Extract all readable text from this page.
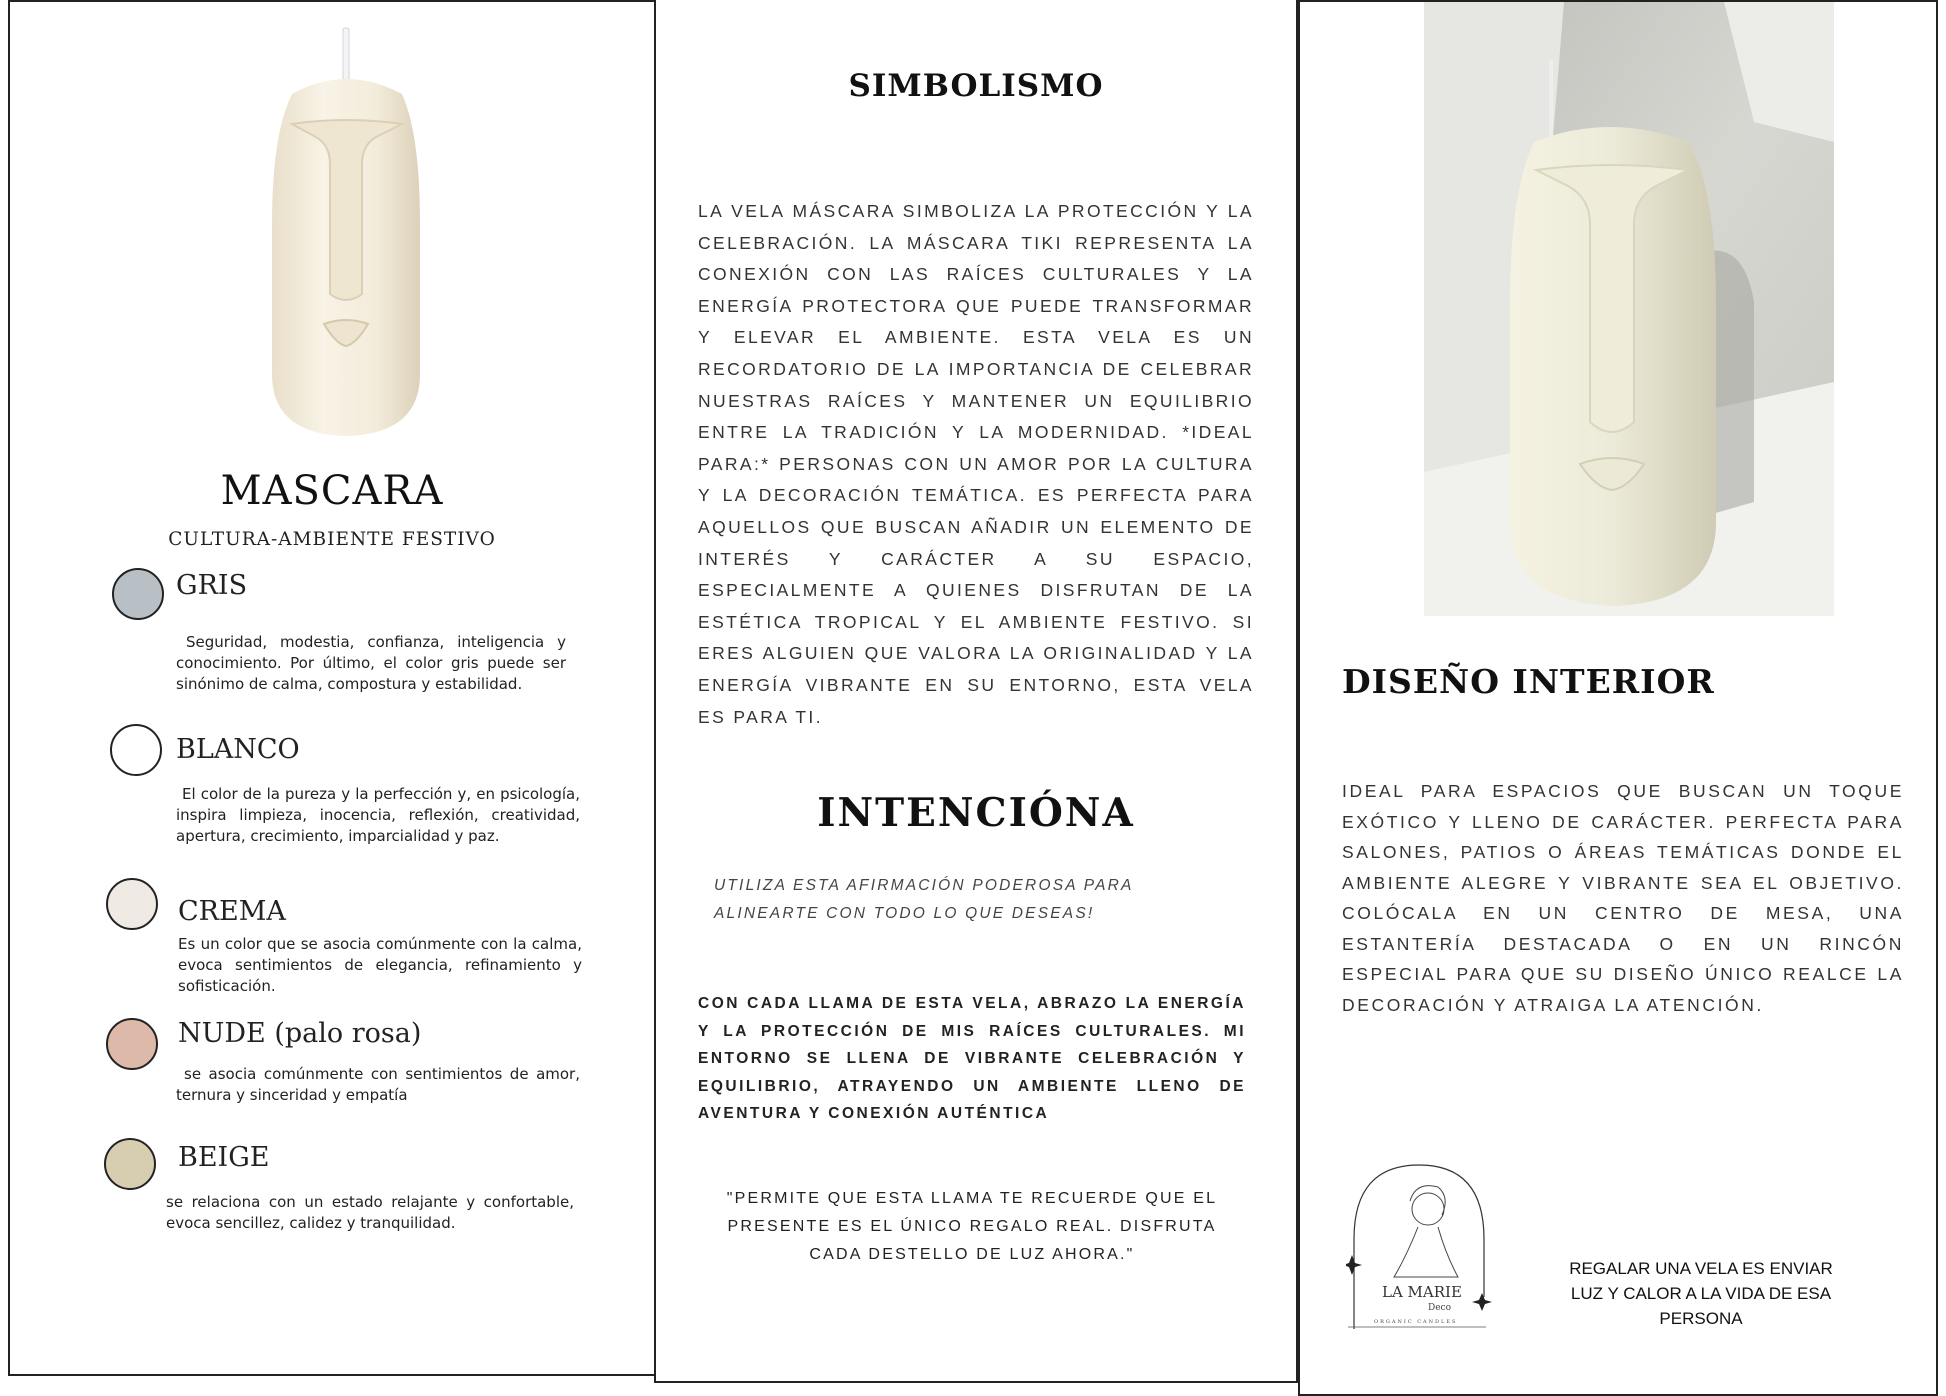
MASCARA
CULTURA-AMBIENTE FESTIVO
GRIS
Seguridad, modestia, confianza, inteligencia y conocimiento. Por último, el color gris puede ser sinónimo de calma, compostura y estabilidad.
BLANCO
El color de la pureza y la perfección y, en psicología, inspira limpieza, inocencia, reflexión, creatividad, apertura, crecimiento, imparcialidad y paz.
CREMA
Es un color que se asocia comúnmente con la calma, evoca sentimientos de elegancia, refinamiento y sofisticación.
NUDE (palo rosa)
se asocia comúnmente con sentimientos de amor, ternura y sinceridad y empatía
BEIGE
se relaciona con un estado relajante y confortable, evoca sencillez, calidez y tranquilidad.
SIMBOLISMO
LA VELA MÁSCARA SIMBOLIZA LA PROTECCIÓN Y LA CELEBRACIÓN. LA MÁSCARA TIKI REPRESENTA LA CONEXIÓN CON LAS RAÍCES CULTURALES Y LA ENERGÍA PROTECTORA QUE PUEDE TRANSFORMAR Y ELEVAR EL AMBIENTE. ESTA VELA ES UN RECORDATORIO DE LA IMPORTANCIA DE CELEBRAR NUESTRAS RAÍCES Y MANTENER UN EQUILIBRIO ENTRE LA TRADICIÓN Y LA MODERNIDAD. *IDEAL PARA:* PERSONAS CON UN AMOR POR LA CULTURA Y LA DECORACIÓN TEMÁTICA. ES PERFECTA PARA AQUELLOS QUE BUSCAN AÑADIR UN ELEMENTO DE INTERÉS Y CARÁCTER A SU ESPACIO, ESPECIALMENTE A QUIENES DISFRUTAN DE LA ESTÉTICA TROPICAL Y EL AMBIENTE FESTIVO. SI ERES ALGUIEN QUE VALORA LA ORIGINALIDAD Y LA ENERGÍA VIBRANTE EN SU ENTORNO, ESTA VELA ES PARA TI.
INTENCIÓNA
UTILIZA ESTA AFIRMACIÓN PODEROSA PARA ALINEARTE CON TODO LO QUE DESEAS!
CON CADA LLAMA DE ESTA VELA, ABRAZO LA ENERGÍA Y LA PROTECCIÓN DE MIS RAÍCES CULTURALES. MI ENTORNO SE LLENA DE VIBRANTE CELEBRACIÓN Y EQUILIBRIO, ATRAYENDO UN AMBIENTE LLENO DE AVENTURA Y CONEXIÓN AUTÉNTICA
"PERMITE QUE ESTA LLAMA TE RECUERDE QUE EL PRESENTE ES EL ÚNICO REGALO REAL. DISFRUTA CADA DESTELLO DE LUZ AHORA."
DISEÑO INTERIOR
IDEAL PARA ESPACIOS QUE BUSCAN UN TOQUE EXÓTICO Y LLENO DE CARÁCTER. PERFECTA PARA SALONES, PATIOS O ÁREAS TEMÁTICAS DONDE EL AMBIENTE ALEGRE Y VIBRANTE SEA EL OBJETIVO. COLÓCALA EN UN CENTRO DE MESA, UNA ESTANTERÍA DESTACADA O EN UN RINCÓN ESPECIAL PARA QUE SU DISEÑO ÚNICO REALCE LA DECORACIÓN Y ATRAIGA LA ATENCIÓN.
LA MARIE
Deco
ORGANIC CANDLES
REGALAR UNA VELA ES ENVIAR LUZ Y CALOR A LA VIDA DE ESA PERSONA
